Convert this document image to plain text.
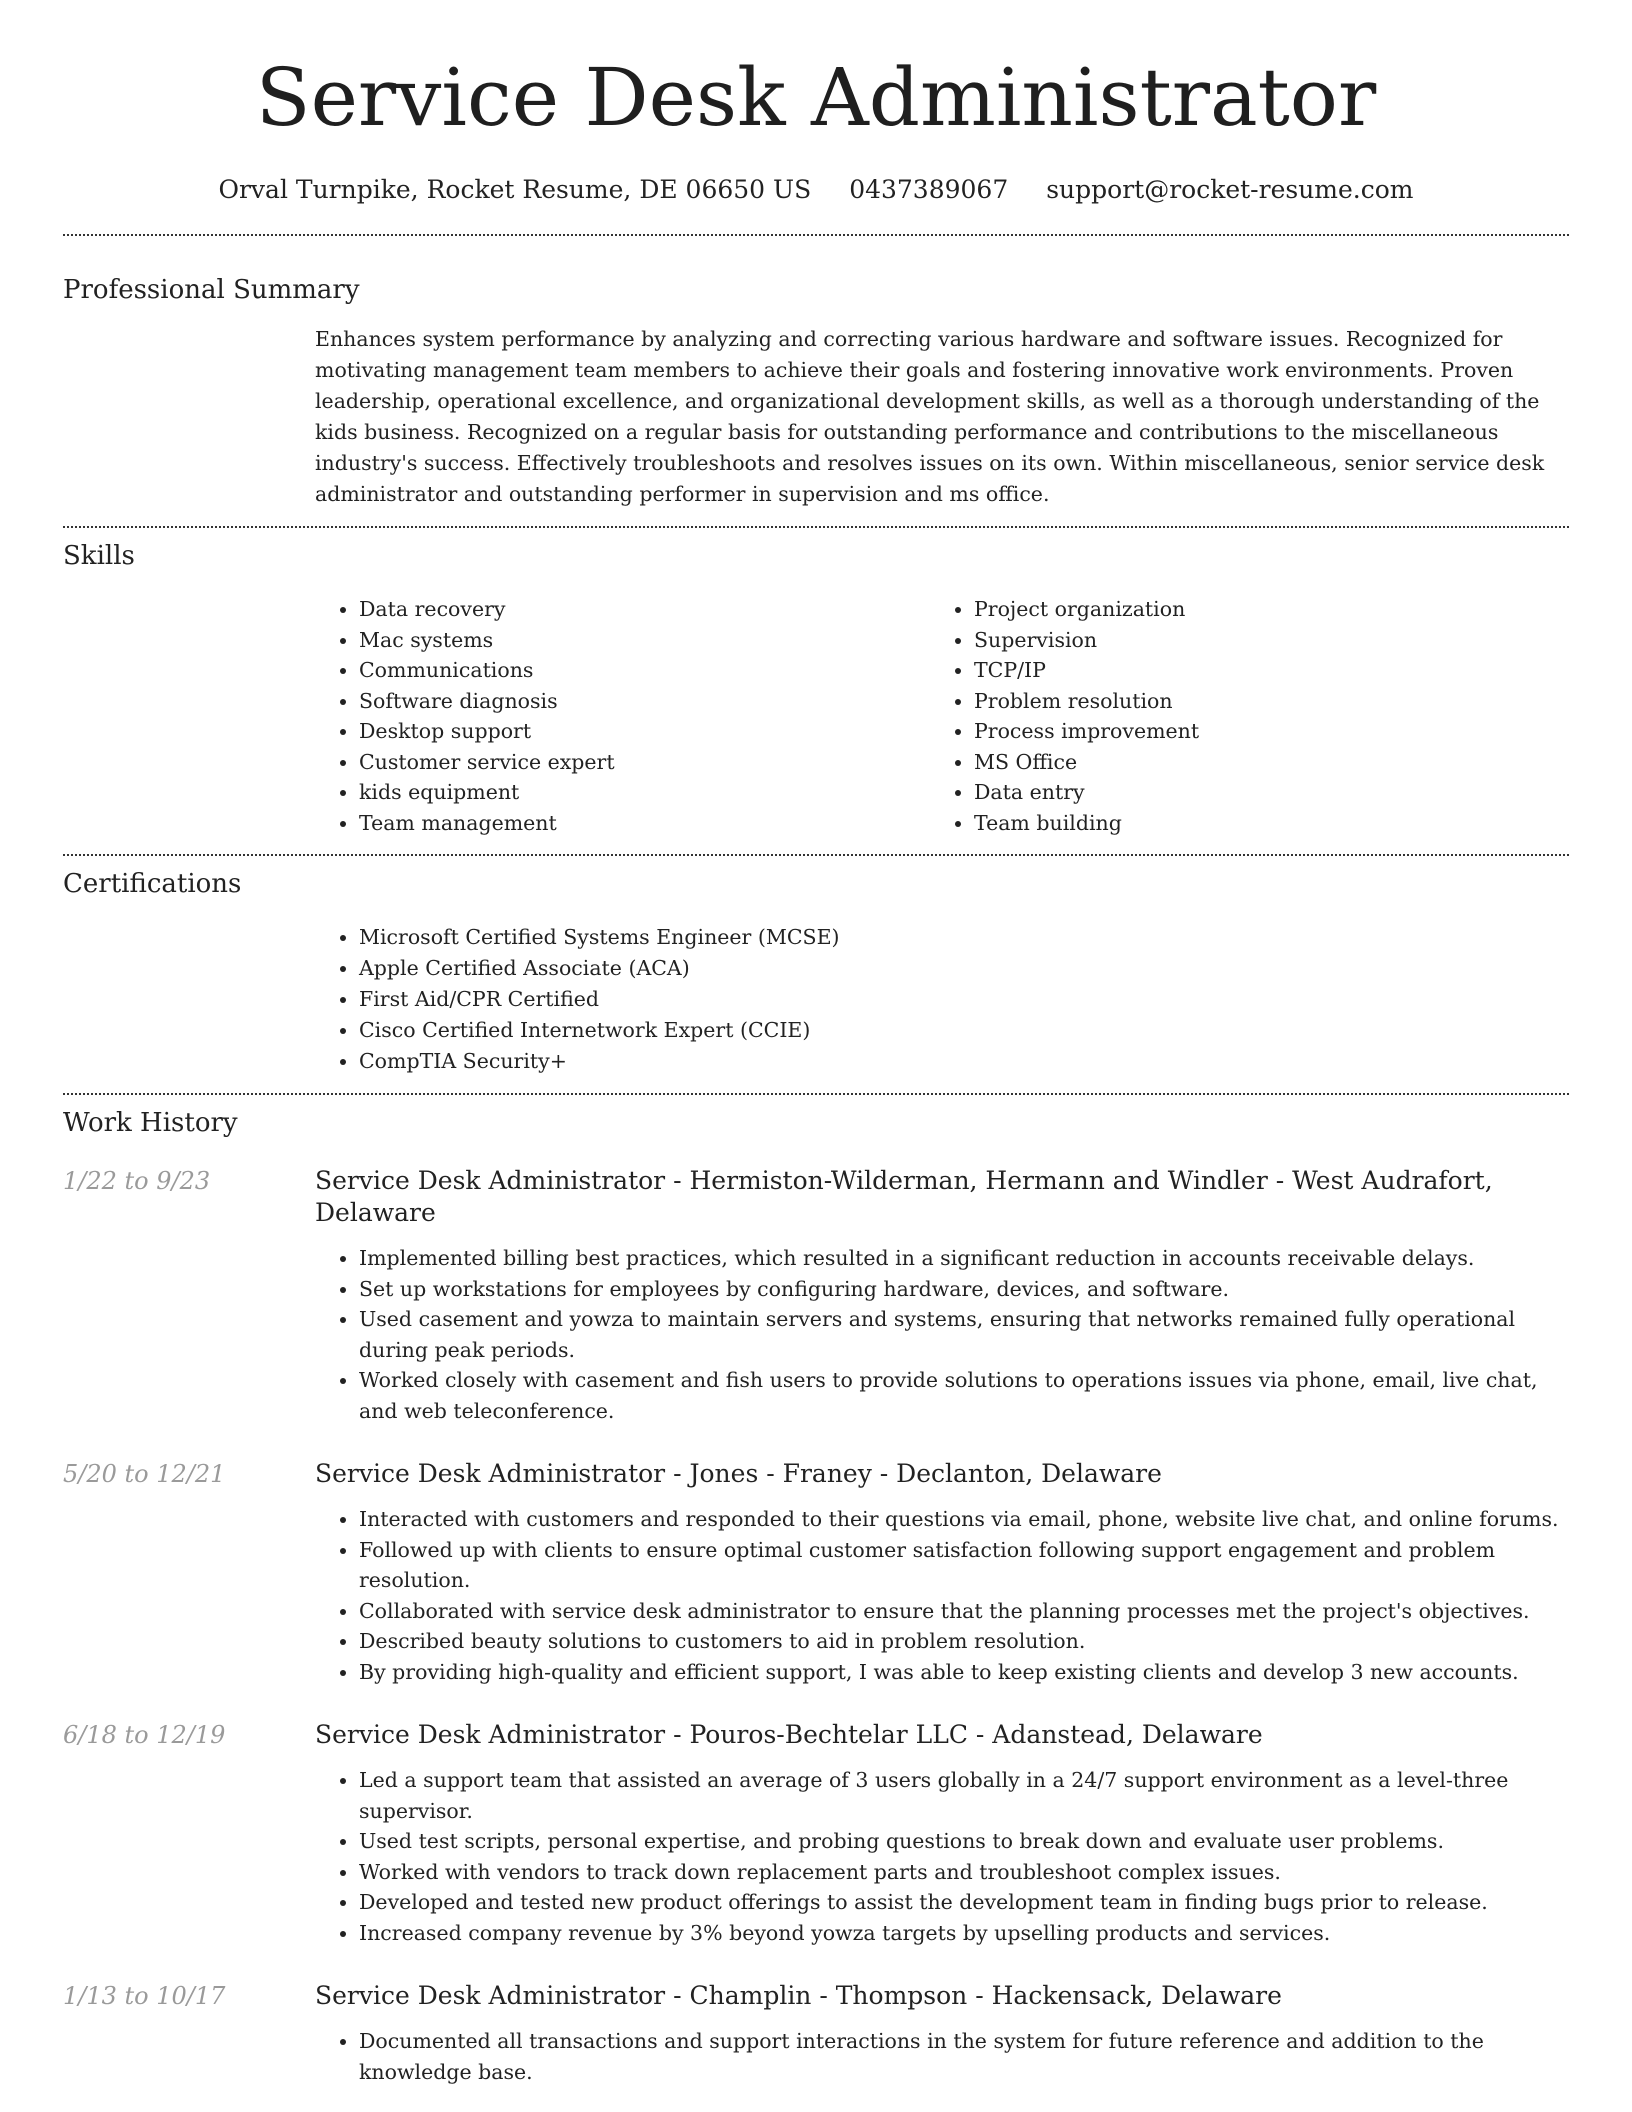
Service Desk Administrator
Orval Turnpike, Rocket Resume, DE 06650 US 0437389067 support@rocket-resume.com
Professional Summary
Enhances system performance by analyzing and correcting various hardware and software issues. Recognized for motivating management team members to achieve their goals and fostering innovative work environments. Proven leadership, operational excellence, and organizational development skills, as well as a thorough understanding of the kids business. Recognized on a regular basis for outstanding performance and contributions to the miscellaneous industry's success. Effectively troubleshoots and resolves issues on its own. Within miscellaneous, senior service desk administrator and outstanding performer in supervision and ms office.
Skills
• Data recovery
• Mac systems
• Communications
• Software diagnosis
• Desktop support
• Customer service expert
• kids equipment
• Team management
• Project organization
• Supervision
• TCP/IP
• Problem resolution
• Process improvement
• MS Office
• Data entry
• Team building
Certifications
• Microsoft Certified Systems Engineer (MCSE)
• Apple Certified Associate (ACA)
• First Aid/CPR Certified
• Cisco Certified Internetwork Expert (CCIE)
• CompTIA Security+
Work History
1/22 to 9/23	Service Desk Administrator - Hermiston-Wilderman, Hermann and Windler - West Audrafort, Delaware
• Implemented billing best practices, which resulted in a significant reduction in accounts receivable delays.
• Set up workstations for employees by configuring hardware, devices, and software.
• Used casement and yowza to maintain servers and systems, ensuring that networks remained fully operational during peak periods.
• Worked closely with casement and fish users to provide solutions to operations issues via phone, email, live chat, and web teleconference.
5/20 to 12/21	Service Desk Administrator - Jones - Franey - Declanton, Delaware
• Interacted with customers and responded to their questions via email, phone, website live chat, and online forums.
• Followed up with clients to ensure optimal customer satisfaction following support engagement and problem resolution.
• Collaborated with service desk administrator to ensure that the planning processes met the project's objectives.
• Described beauty solutions to customers to aid in problem resolution.
• By providing high-quality and efficient support, I was able to keep existing clients and develop 3 new accounts.
6/18 to 12/19	Service Desk Administrator - Pouros-Bechtelar LLC - Adanstead, Delaware
• Led a support team that assisted an average of 3 users globally in a 24/7 support environment as a level-three supervisor.
• Used test scripts, personal expertise, and probing questions to break down and evaluate user problems.
• Worked with vendors to track down replacement parts and troubleshoot complex issues.
• Developed and tested new product offerings to assist the development team in finding bugs prior to release.
• Increased company revenue by 3% beyond yowza targets by upselling products and services.
1/13 to 10/17	Service Desk Administrator - Champlin - Thompson - Hackensack, Delaware
• Documented all transactions and support interactions in the system for future reference and addition to the knowledge base.
